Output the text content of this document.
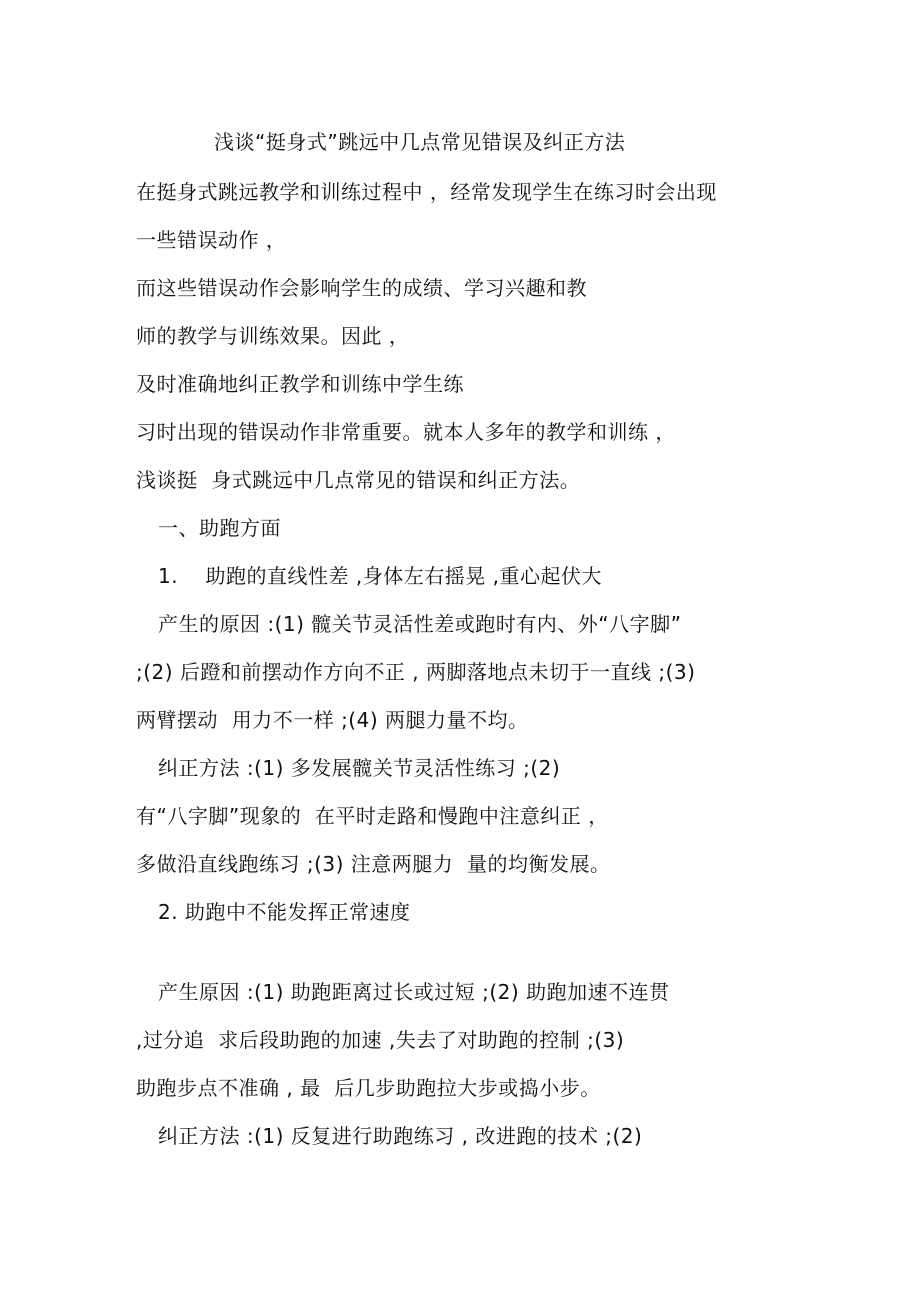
浅谈“挺身式”跳远中几点常见错误及纠正方法
在挺身式跳远教学和训练过程中 ，经常发现学生在练习时会出现
一些错误动作 ，
而这些错误动作会影响学生的成绩、学习兴趣和教
师的教学与训练效果。因此 ，
及时准确地纠正教学和训练中学生练
习时出现的错误动作非常重要。就本人多年的教学和训练 ，
浅谈挺  身式跳远中几点常见的错误和纠正方法。
一、助跑方面
1.    助跑的直线性差 ,身体左右摇晃 ,重心起伏大
产生的原因 :(1) 髋关节灵活性差或跑时有内、外“八字脚”
;(2) 后蹬和前摆动作方向不正 , 两脚落地点未切于一直线 ;(3)
两臂摆动  用力不一样 ;(4) 两腿力量不均。
纠正方法 :(1) 多发展髋关节灵活性练习 ;(2)
有“八字脚”现象的  在平时走路和慢跑中注意纠正 ，
多做沿直线跑练习 ;(3) 注意两腿力  量的均衡发展。
2. 助跑中不能发挥正常速度
产生原因 :(1) 助跑距离过长或过短 ;(2) 助跑加速不连贯
,过分追  求后段助跑的加速 ,失去了对助跑的控制 ;(3)
助跑步点不准确 , 最  后几步助跑拉大步或捣小步。
纠正方法 :(1) 反复进行助跑练习 , 改进跑的技术 ;(2)
